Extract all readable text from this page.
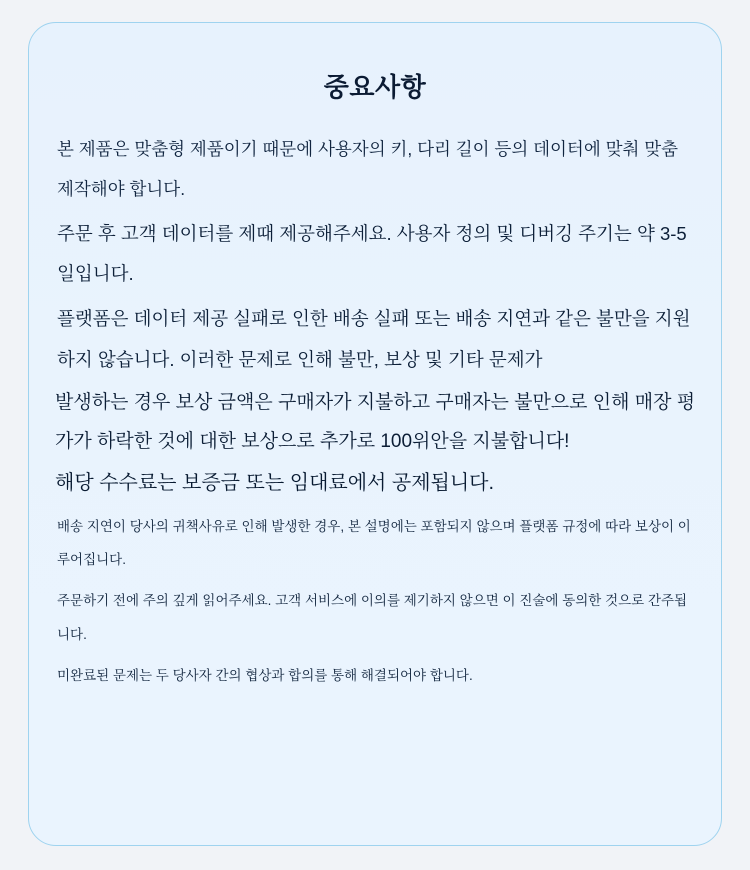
중요사항

본 제품은 맞춤형 제품이기 때문에 사용자의 키, 다리 길이 등의 데이터에 맞춰 맞춤 제작해야 합니다.

주문 후 고객 데이터를 제때 제공해주세요. 사용자 정의 및 디버깅 주기는 약 3-5일입니다.

플랫폼은 데이터 제공 실패로 인한 배송 실패 또는 배송 지연과 같은 불만을 지원하지 않습니다. 이러한 문제로 인해 불만, 보상 및 기타 문제가

발생하는 경우 보상 금액은 구매자가 지불하고 구매자는 불만으로 인해 매장 평가가 하락한 것에 대한 보상으로 추가로 100위안을 지불합니다!

해당 수수료는 보증금 또는 임대료에서 공제됩니다.

배송 지연이 당사의 귀책사유로 인해 발생한 경우, 본 설명에는 포함되지 않으며 플랫폼 규정에 따라 보상이 이루어집니다.

주문하기 전에 주의 깊게 읽어주세요. 고객 서비스에 이의를 제기하지 않으면 이 진술에 동의한 것으로 간주됩니다.

미완료된 문제는 두 당사자 간의 협상과 합의를 통해 해결되어야 합니다.
